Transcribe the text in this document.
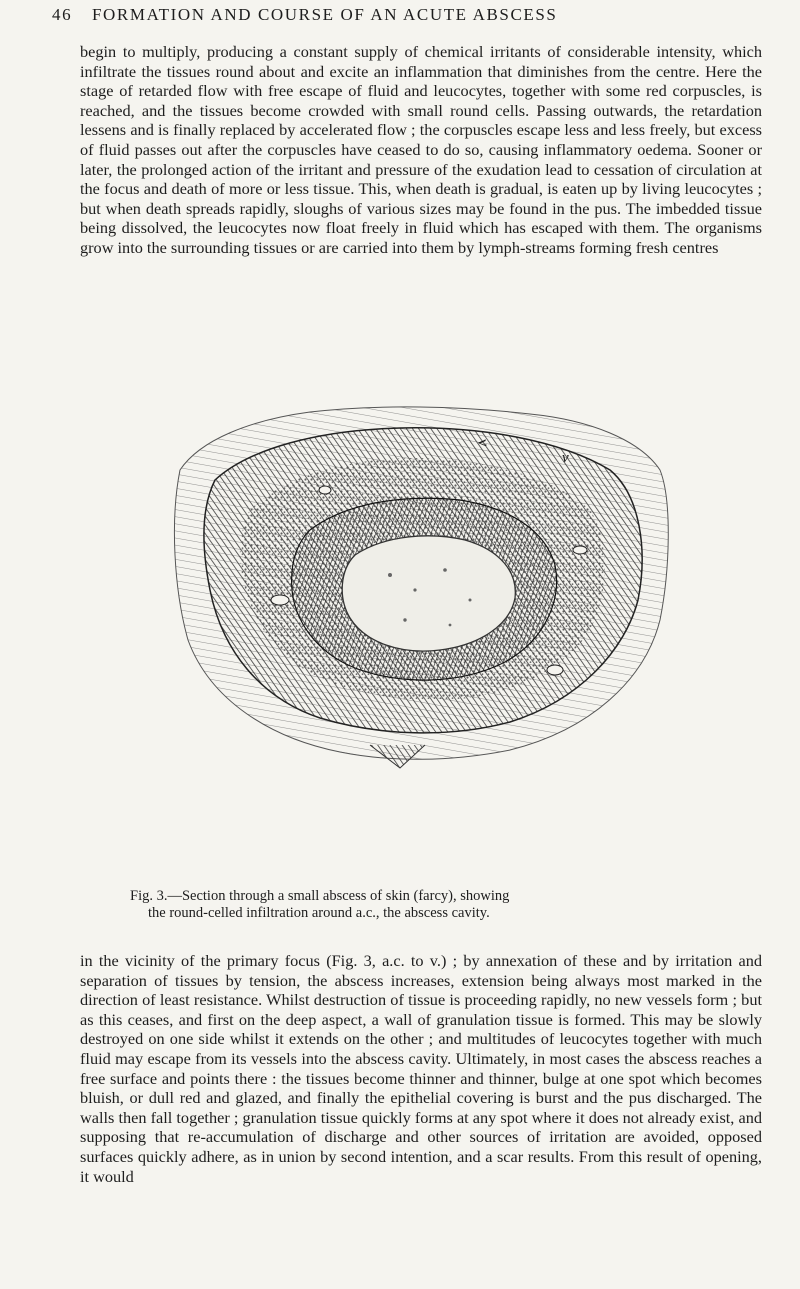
46 FORMATION AND COURSE OF AN ACUTE ABSCESS

begin to multiply, producing a constant supply of chemical irritants of considerable intensity, which infiltrate the tissues round about and excite an inflammation that diminishes from the centre. Here the stage of retarded flow with free escape of fluid and leucocytes, together with some red corpuscles, is reached, and the tissues become crowded with small round cells. Passing outwards, the retardation lessens and is finally replaced by accelerated flow ; the corpuscles escape less and less freely, but excess of fluid passes out after the corpuscles have ceased to do so, causing inflammatory oedema. Sooner or later, the prolonged action of the irritant and pressure of the exudation lead to cessation of circulation at the focus and death of more or less tissue. This, when death is gradual, is eaten up by living leucocytes ; but when death spreads rapidly, sloughs of various sizes may be found in the pus. The imbedded tissue being dissolved, the leucocytes now float freely in fluid which has escaped with them. The organisms grow into the surrounding tissues or are carried into them by lymph-streams forming fresh centres

v
v

Fig. 3.—Section through a small abscess of skin (farcy), showing
the round-celled infiltration around a.c., the abscess cavity.

in the vicinity of the primary focus (Fig. 3, a.c. to v.) ; by annexation of these and by irritation and separation of tissues by tension, the abscess increases, extension being always most marked in the direction of least resistance. Whilst destruction of tissue is proceeding rapidly, no new vessels form ; but as this ceases, and first on the deep aspect, a wall of granulation tissue is formed. This may be slowly destroyed on one side whilst it extends on the other ; and multitudes of leucocytes together with much fluid may escape from its vessels into the abscess cavity. Ultimately, in most cases the abscess reaches a free surface and points there : the tissues become thinner and thinner, bulge at one spot which becomes bluish, or dull red and glazed, and finally the epithelial covering is burst and the pus discharged. The walls then fall together ; granulation tissue quickly forms at any spot where it does not already exist, and supposing that re-accumulation of discharge and other sources of irritation are avoided, opposed surfaces quickly adhere, as in union by second intention, and a scar results. From this result of opening, it would
